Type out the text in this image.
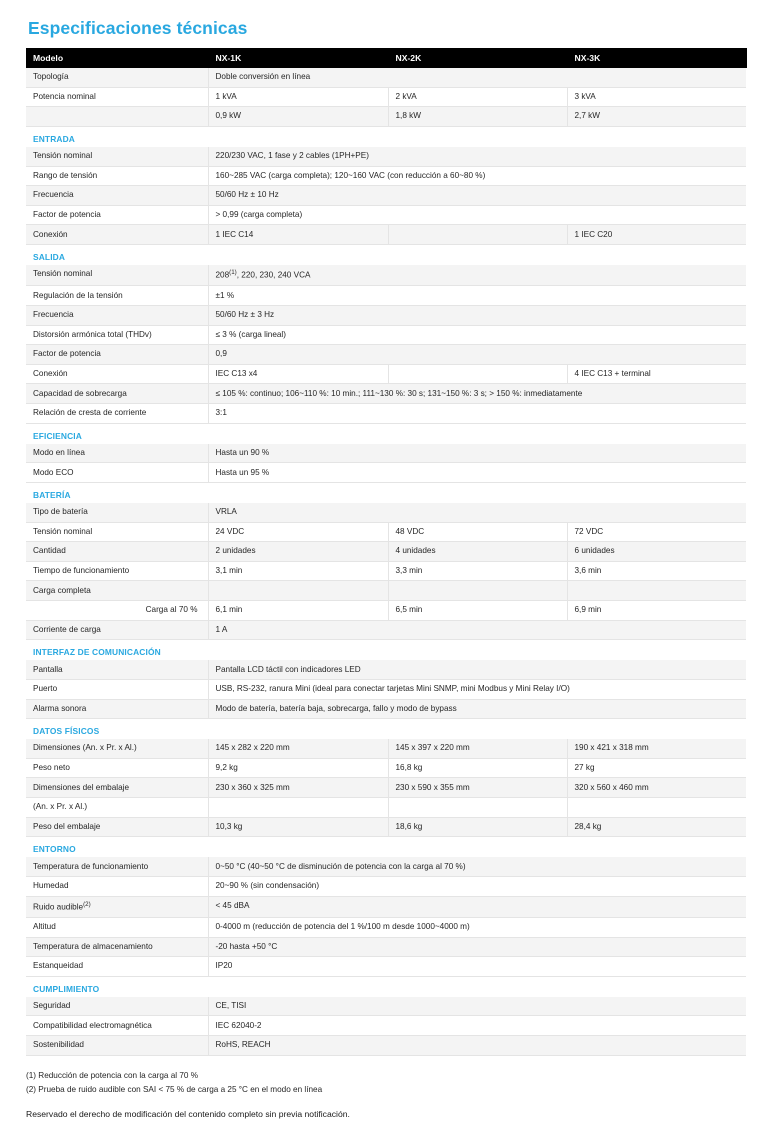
Especificaciones técnicas
Modelo	NX-1K	NX-2K	NX-3K
Topología	Doble conversión en línea		
Potencia nominal	1 kVA	2 kVA	3 kVA
	0,9 kW	1,8 kW	2,7 kW
ENTRADA			
Tensión nominal	220/230 VAC, 1 fase y 2 cables (1PH+PE)		
Rango de tensión	160~285 VAC (carga completa); 120~160 VAC (con reducción a 60~80 %)		
Frecuencia	50/60 Hz ± 10 Hz		
Factor de potencia	> 0,99 (carga completa)		
Conexión	1 IEC C14		1 IEC C20
SALIDA			
Tensión nominal	208$^{(1)}$, 220, 230, 240 VCA		
Regulación de la tensión	±1 %		
Frecuencia	50/60 Hz ± 3 Hz		
Distorsión armónica total (THDv)	≤ 3 % (carga lineal)		
Factor de potencia	0,9		
Conexión	IEC C13 x4		4 IEC C13 + terminal
Capacidad de sobrecarga	≤ 105 %: continuo; 106~110 %: 10 min.; 111~130 %: 30 s; 131~150 %: 3 s; > 150 %: inmediatamente		
Relación de cresta de corriente	3:1		
EFICIENCIA			
Modo en línea	Hasta un 90 %		
Modo ECO	Hasta un 95 %		
BATERÍA			
Tipo de batería	VRLA		
Tensión nominal	24 VDC	48 VDC	72 VDC
Cantidad	2 unidades	4 unidades	6 unidades
Tiempo de funcionamiento	3,1 min	3,3 min	3,6 min
Carga completa			
Carga al 70 %	6,1 min	6,5 min	6,9 min
Corriente de carga	1 A		
INTERFAZ DE COMUNICACIÓN			
Pantalla	Pantalla LCD táctil con indicadores LED		
Puerto	USB, RS-232, ranura Mini (ideal para conectar tarjetas Mini SNMP, mini Modbus y Mini Relay I/O)		
Alarma sonora	Modo de batería, batería baja, sobrecarga, fallo y modo de bypass		
DATOS FÍSICOS			
Dimensiones (An. x Pr. x Al.)	145 x 282 x 220 mm	145 x 397 x 220 mm	190 x 421 x 318 mm
Peso neto	9,2 kg	16,8 kg	27 kg
Dimensiones del embalaje	230 x 360 x 325 mm	230 x 590 x 355 mm	320 x 560 x 460 mm
(An. x Pr. x Al.)			
Peso del embalaje	10,3 kg	18,6 kg	28,4 kg
ENTORNO			
Temperatura de funcionamiento	0~50 °C (40~50 °C de disminución de potencia con la carga al 70 %)		
Humedad	20~90 % (sin condensación)		
Ruido audible$^{(2)}$	< 45 dBA		
Altitud	0-4000 m (reducción de potencia del 1 %/100 m desde 1000~4000 m)		
Temperatura de almacenamiento	-20 hasta +50 °C		
Estanqueidad	IP20		
CUMPLIMIENTO			
Seguridad	CE, TISI		
Compatibilidad electromagnética	IEC 62040-2		
Sostenibilidad	RoHS, REACH		
(1) Reducción de potencia con la carga al 70 %
(2) Prueba de ruido audible con SAI < 75 % de carga a 25 °C en el modo en línea
Reservado el derecho de modificación del contenido completo sin previa notificación.
